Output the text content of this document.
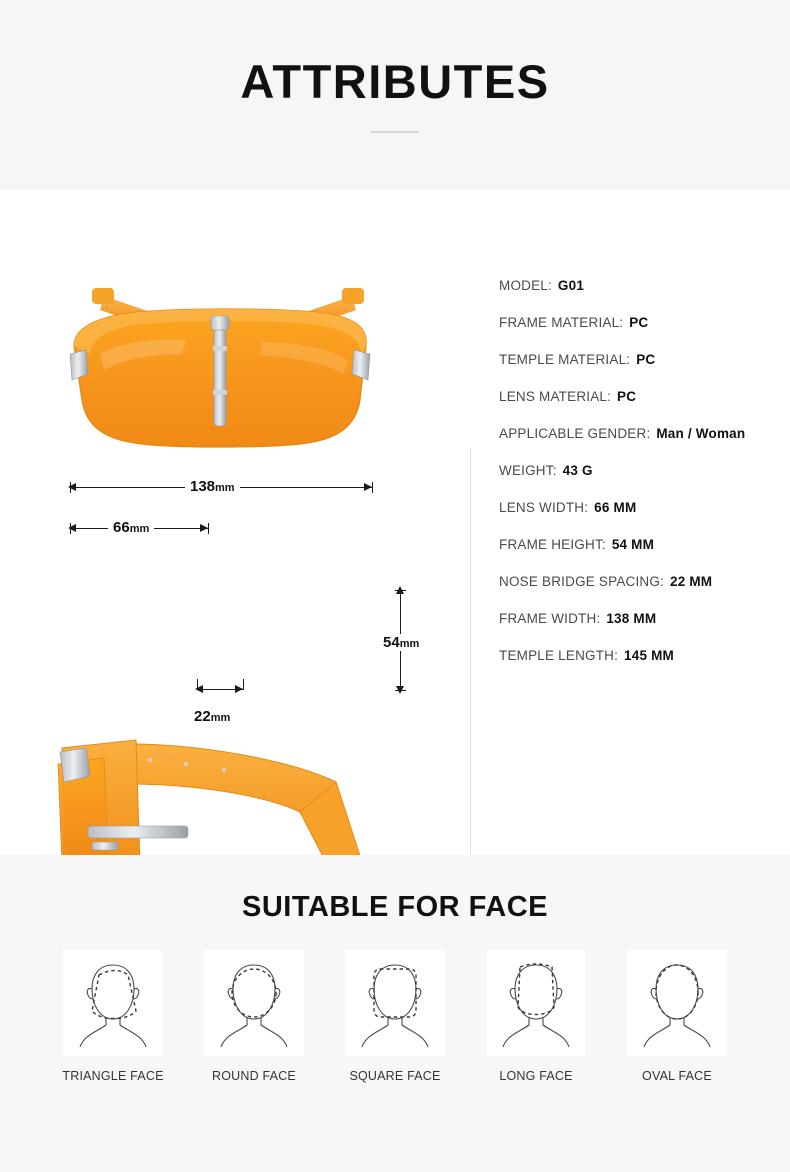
ATTRIBUTES
138mm
66mm
22mm
54mm
MODEL: G01
FRAME MATERIAL: PC
TEMPLE MATERIAL: PC
LENS MATERIAL: PC
APPLICABLE GENDER: Man / Woman
WEIGHT: 43 G
LENS WIDTH: 66 MM
FRAME HEIGHT: 54 MM
NOSE BRIDGE SPACING: 22 MM
FRAME WIDTH: 138 MM
TEMPLE LENGTH: 145 MM
SUITABLE FOR FACE
TRIANGLE FACE	ROUND FACE	SQUARE FACE	LONG FACE	OVAL FACE
